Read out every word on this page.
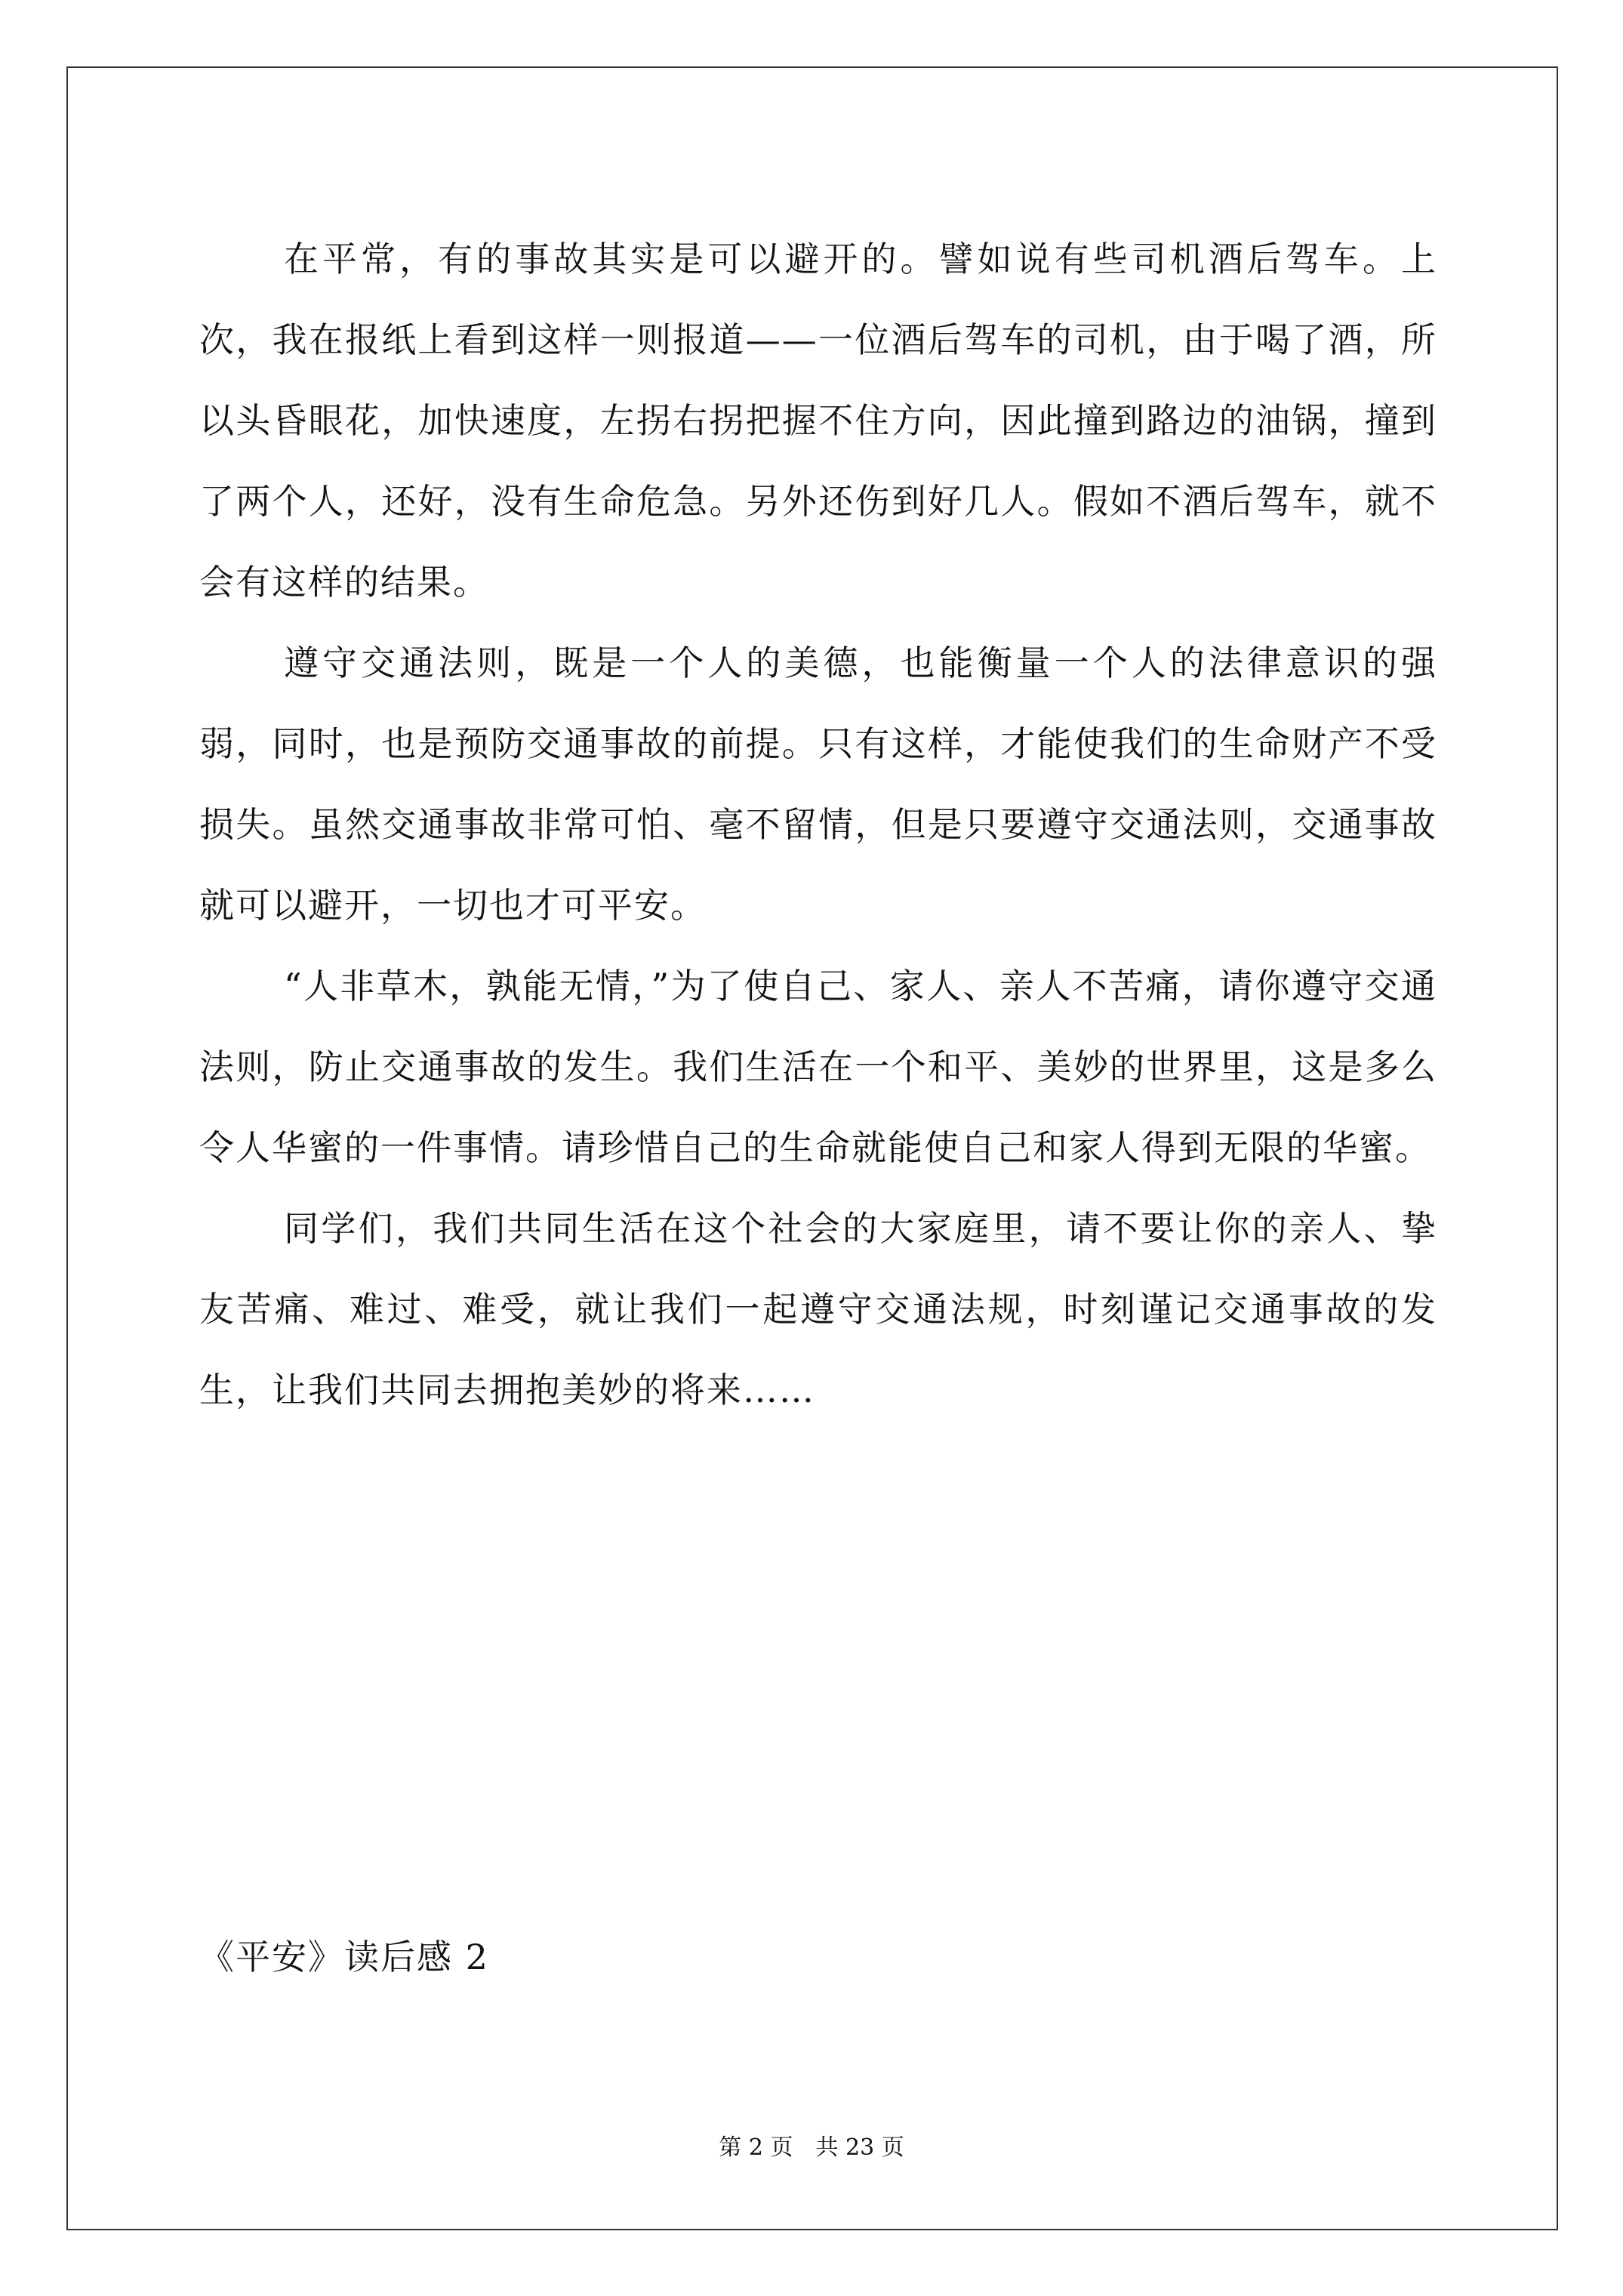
在平常，有的事故其实是可以避开的。譬如说有些司机酒后驾车。上次，我在报纸上看到这样一则报道——一位酒后驾车的司机，由于喝了酒，所以头昏眼花，加快速度，左拐右拐把握不住方向，因此撞到路边的油锅，撞到了两个人，还好，没有生命危急。另外还伤到好几人。假如不酒后驾车，就不会有这样的结果。

遵守交通法则，既是一个人的美德，也能衡量一个人的法律意识的强弱，同时，也是预防交通事故的前提。只有这样，才能使我们的生命财产不受损失。虽然交通事故非常可怕、毫不留情，但是只要遵守交通法则，交通事故就可以避开，一切也才可平安。

“人非草木，孰能无情，”为了使自己、家人、亲人不苦痛，请你遵守交通法则，防止交通事故的发生。我们生活在一个和平、美妙的世界里，这是多么令人华蜜的一件事情。请珍惜自己的生命就能使自己和家人得到无限的华蜜。

同学们，我们共同生活在这个社会的大家庭里，请不要让你的亲人、挚友苦痛、难过、难受，就让我们一起遵守交通法规，时刻谨记交通事故的发生，让我们共同去拥抱美妙的将来……

《平安》读后感 2

第 2 页　共 23 页
